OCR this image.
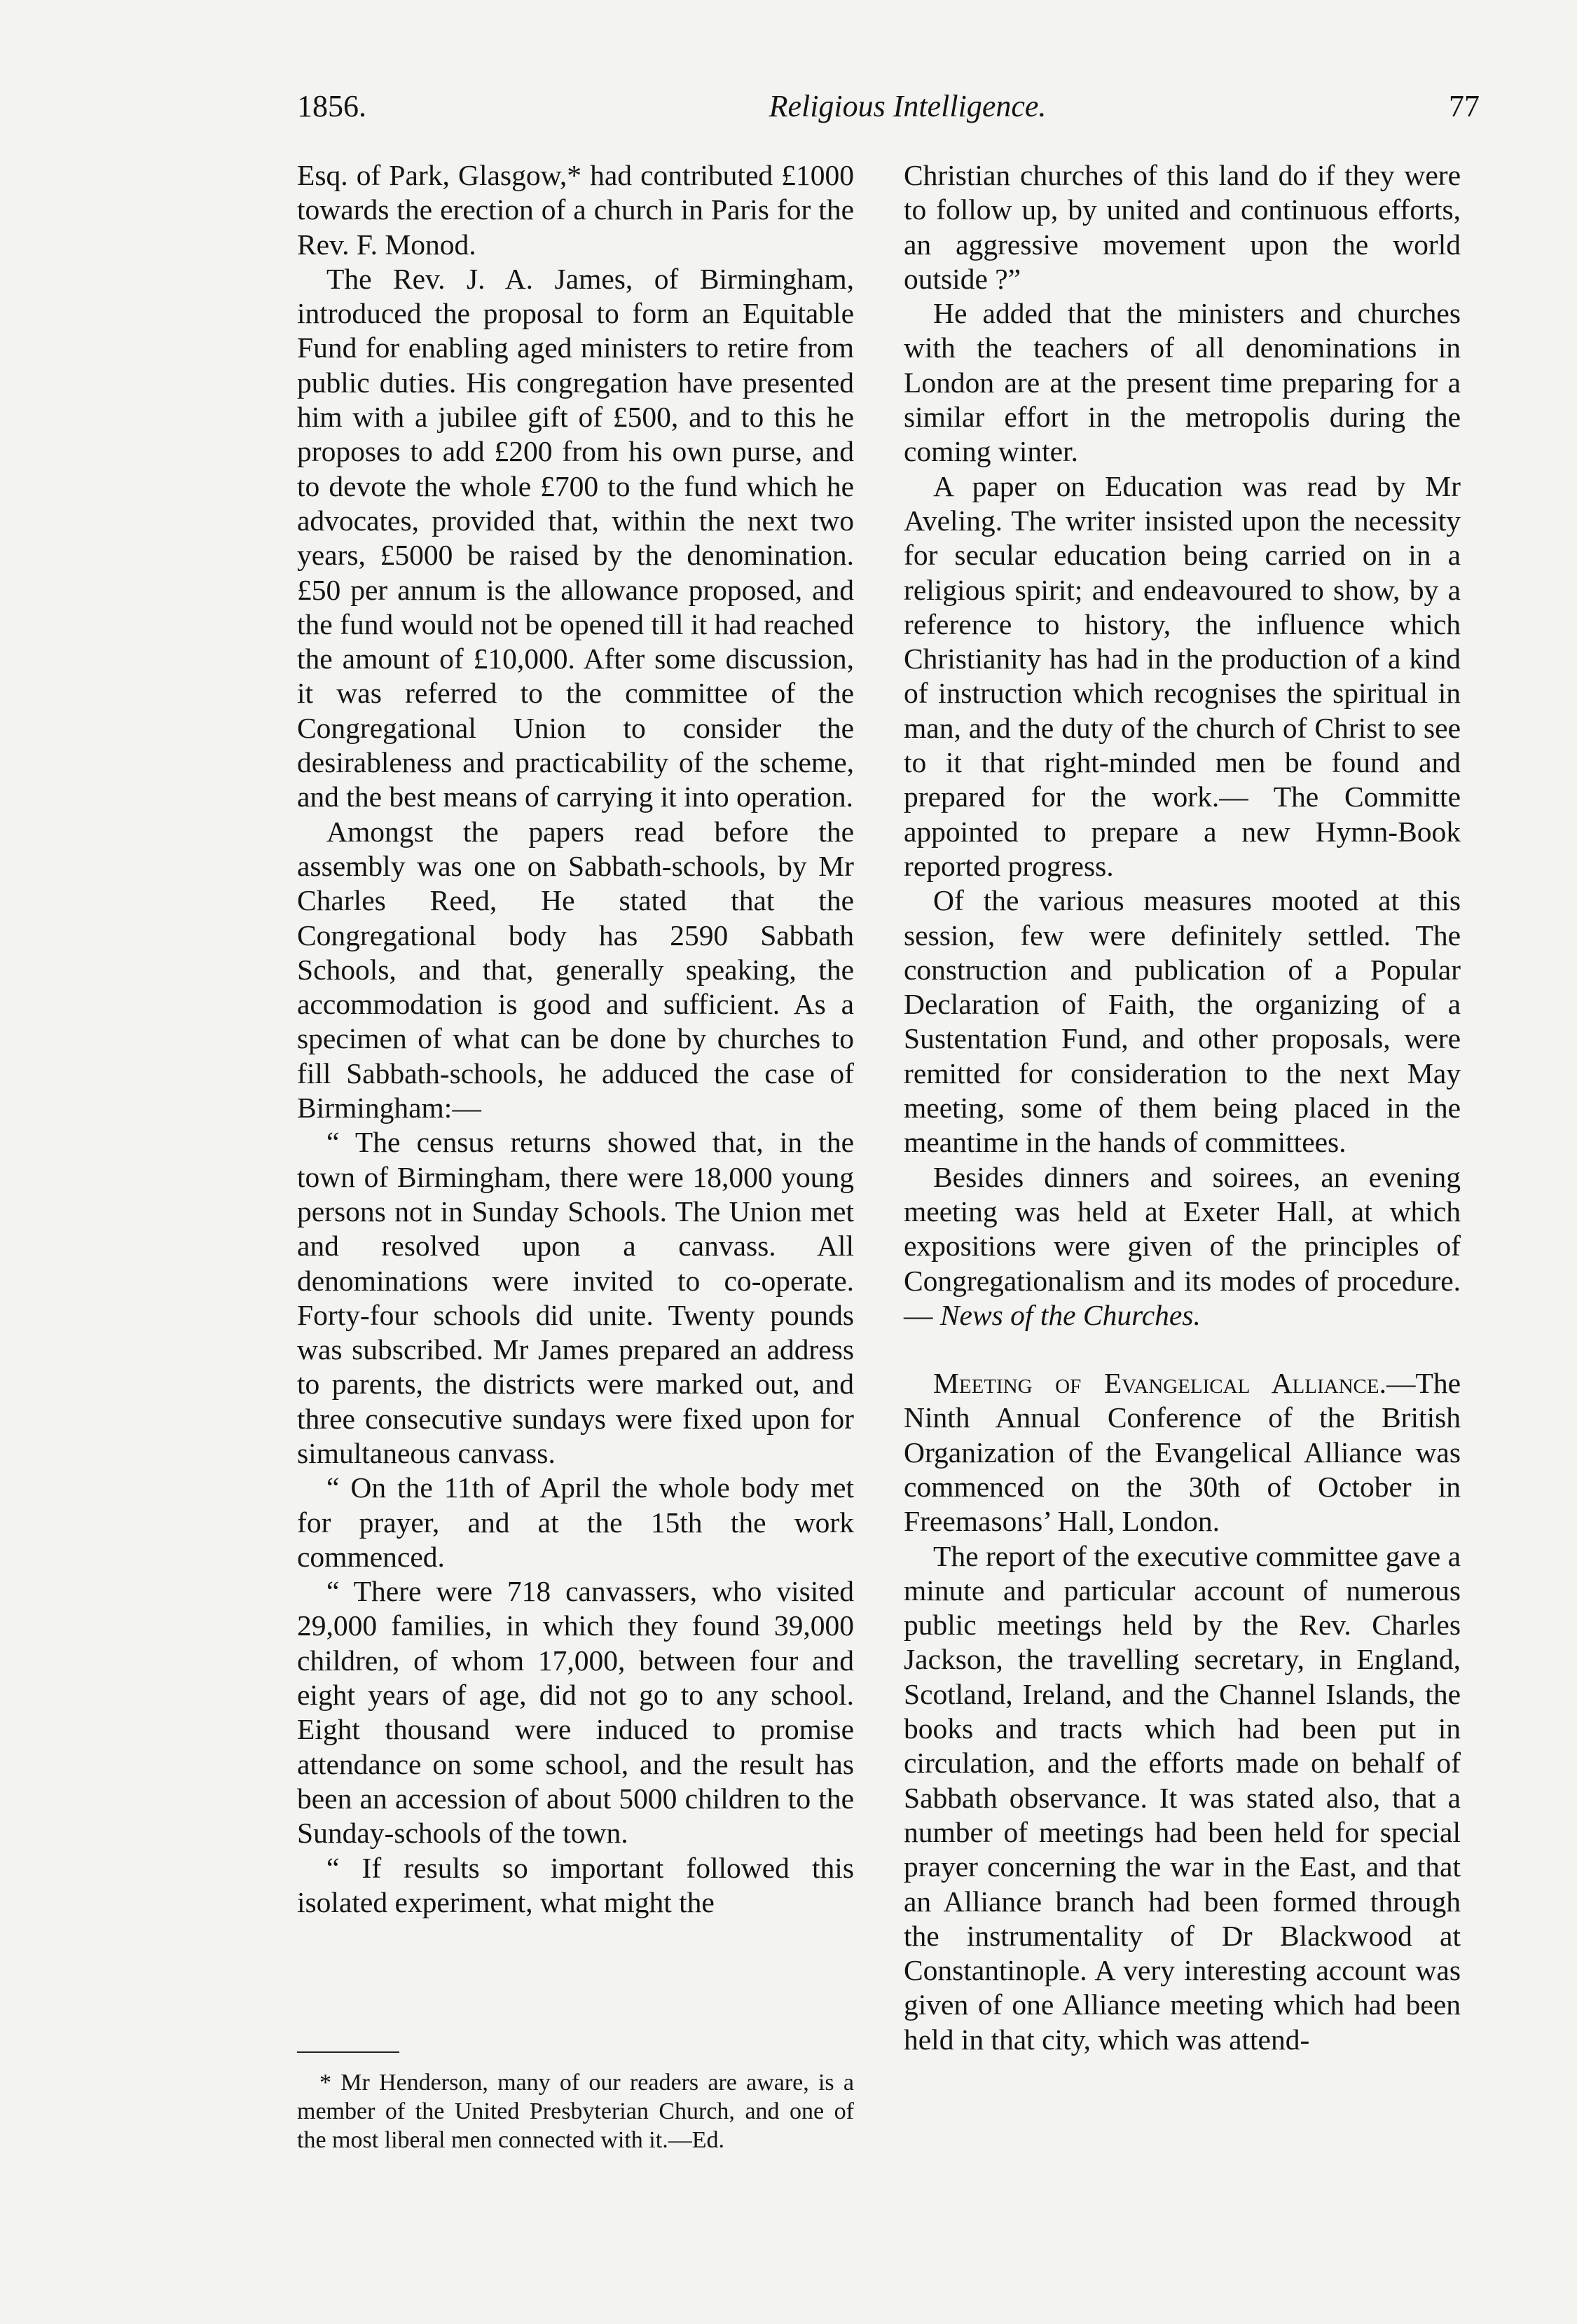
1856.	Religious Intelligence.	77

Esq. of Park, Glasgow,* had contributed £1000 towards the erection of a church in Paris for the Rev. F. Monod.

The Rev. J. A. James, of Birmingham, introduced the proposal to form an Equitable Fund for enabling aged ministers to retire from public duties. His congregation have presented him with a jubilee gift of £500, and to this he proposes to add £200 from his own purse, and to devote the whole £700 to the fund which he advocates, provided that, within the next two years, £5000 be raised by the denomination. £50 per annum is the allowance proposed, and the fund would not be opened till it had reached the amount of £10,000. After some discussion, it was referred to the committee of the Congregational Union to consider the desirableness and practicability of the scheme, and the best means of carrying it into operation.

Amongst the papers read before the assembly was one on Sabbath-schools, by Mr Charles Reed, He stated that the Congregational body has 2590 Sabbath Schools, and that, generally speaking, the accommodation is good and sufficient. As a specimen of what can be done by churches to fill Sabbath-schools, he adduced the case of Birmingham:—

“ The census returns showed that, in the town of Birmingham, there were 18,000 young persons not in Sunday Schools. The Union met and resolved upon a canvass. All denominations were invited to co-operate. Forty-four schools did unite. Twenty pounds was subscribed. Mr James prepared an address to parents, the districts were marked out, and three consecutive sundays were fixed upon for simultaneous canvass.

“ On the 11th of April the whole body met for prayer, and at the 15th the work commenced.

“ There were 718 canvassers, who visited 29,000 families, in which they found 39,000 children, of whom 17,000, between four and eight years of age, did not go to any school. Eight thousand were induced to promise attendance on some school, and the result has been an accession of about 5000 children to the Sunday-schools of the town.

“ If results so important followed this isolated experiment, what might the

* Mr Henderson, many of our readers are aware, is a member of the United Presbyterian Church, and one of the most liberal men connected with it.—Ed.

Christian churches of this land do if they were to follow up, by united and continuous efforts, an aggressive movement upon the world outside ?”

He added that the ministers and churches with the teachers of all denominations in London are at the present time preparing for a similar effort in the metropolis during the coming winter.

A paper on Education was read by Mr Aveling. The writer insisted upon the necessity for secular education being carried on in a religious spirit; and endeavoured to show, by a reference to history, the influence which Christianity has had in the production of a kind of instruction which recognises the spiritual in man, and the duty of the church of Christ to see to it that right-minded men be found and prepared for the work.— The Committe appointed to prepare a new Hymn-Book reported progress.

Of the various measures mooted at this session, few were definitely settled. The construction and publication of a Popular Declaration of Faith, the organizing of a Sustentation Fund, and other proposals, were remitted for consideration to the next May meeting, some of them being placed in the meantime in the hands of committees.

Besides dinners and soirees, an evening meeting was held at Exeter Hall, at which expositions were given of the principles of Congregationalism and its modes of procedure. — News of the Churches.

Meeting of Evangelical Alliance.—The Ninth Annual Conference of the British Organization of the Evangelical Alliance was commenced on the 30th of October in Freemasons’ Hall, London.

The report of the executive committee gave a minute and particular account of numerous public meetings held by the Rev. Charles Jackson, the travelling secretary, in England, Scotland, Ireland, and the Channel Islands, the books and tracts which had been put in circulation, and the efforts made on behalf of Sabbath observance. It was stated also, that a number of meetings had been held for special prayer concerning the war in the East, and that an Alliance branch had been formed through the instrumentality of Dr Blackwood at Constantinople. A very interesting account was given of one Alliance meeting which had been held in that city, which was attend-
